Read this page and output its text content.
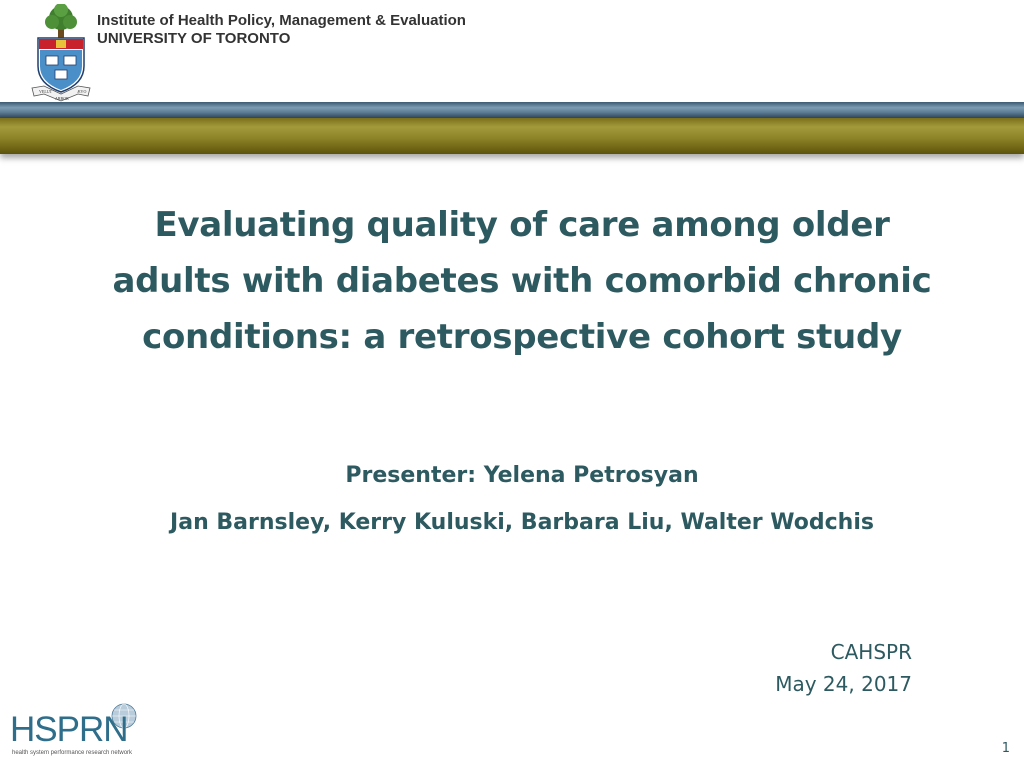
VELUT
ARBOR
ÆVO
Institute of Health Policy, Management & Evaluation
UNIVERSITY OF TORONTO
Evaluating quality of care among older
adults with diabetes with comorbid chronic
conditions: a retrospective cohort study
Presenter: Yelena Petrosyan
Jan Barnsley, Kerry Kuluski, Barbara Liu, Walter Wodchis
CAHSPR
May 24, 2017
HSPRN
health system performance research network	1
